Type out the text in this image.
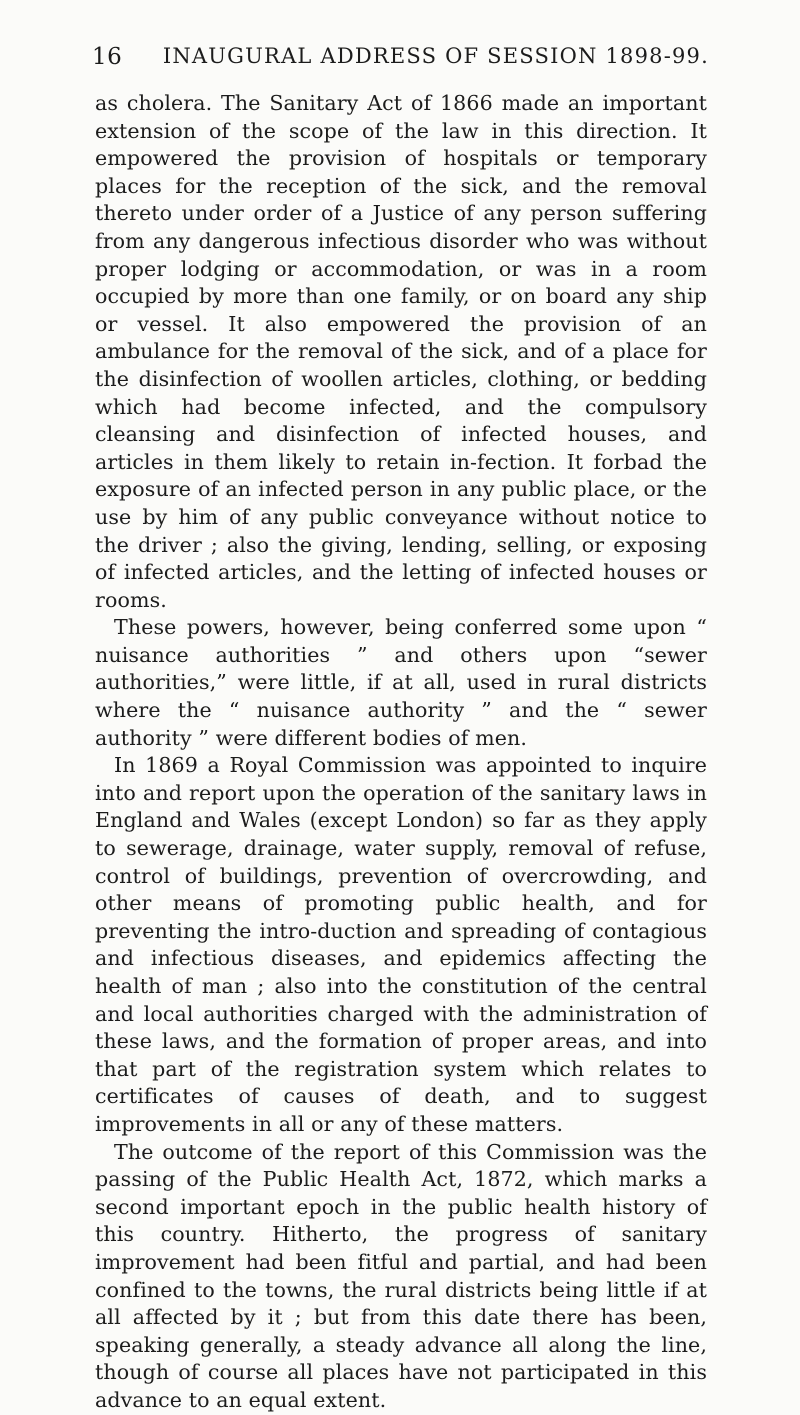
16 INAUGURAL ADDRESS OF SESSION 1898-99.

as cholera. The Sanitary Act of 1866 made an important extension of the scope of the law in this direction. It empowered the provision of hospitals or temporary places for the reception of the sick, and the removal thereto under order of a Justice of any person suffering from any dangerous infectious disorder who was without proper lodging or accommodation, or was in a room occupied by more than one family, or on board any ship or vessel. It also empowered the provision of an ambulance for the removal of the sick, and of a place for the disinfection of woollen articles, clothing, or bedding which had become infected, and the compulsory cleansing and disinfection of infected houses, and articles in them likely to retain in-fection. It forbad the exposure of an infected person in any public place, or the use by him of any public conveyance without notice to the driver ; also the giving, lending, selling, or exposing of infected articles, and the letting of infected houses or rooms.

These powers, however, being conferred some upon “ nuisance authorities ” and others upon “sewer authorities,” were little, if at all, used in rural districts where the “ nuisance authority ” and the “ sewer authority ” were different bodies of men.

In 1869 a Royal Commission was appointed to inquire into and report upon the operation of the sanitary laws in England and Wales (except London) so far as they apply to sewerage, drainage, water supply, removal of refuse, control of buildings, prevention of overcrowding, and other means of promoting public health, and for preventing the intro-duction and spreading of contagious and infectious diseases, and epidemics affecting the health of man ; also into the constitution of the central and local authorities charged with the administration of these laws, and the formation of proper areas, and into that part of the registration system which relates to certificates of causes of death, and to suggest improvements in all or any of these matters.

The outcome of the report of this Commission was the passing of the Public Health Act, 1872, which marks a second important epoch in the public health history of this country. Hitherto, the progress of sanitary improvement had been fitful and partial, and had been confined to the towns, the rural districts being little if at all affected by it ; but from this date there has been, speaking generally, a steady advance all along the line, though of course all places have not participated in this advance to an equal extent.
